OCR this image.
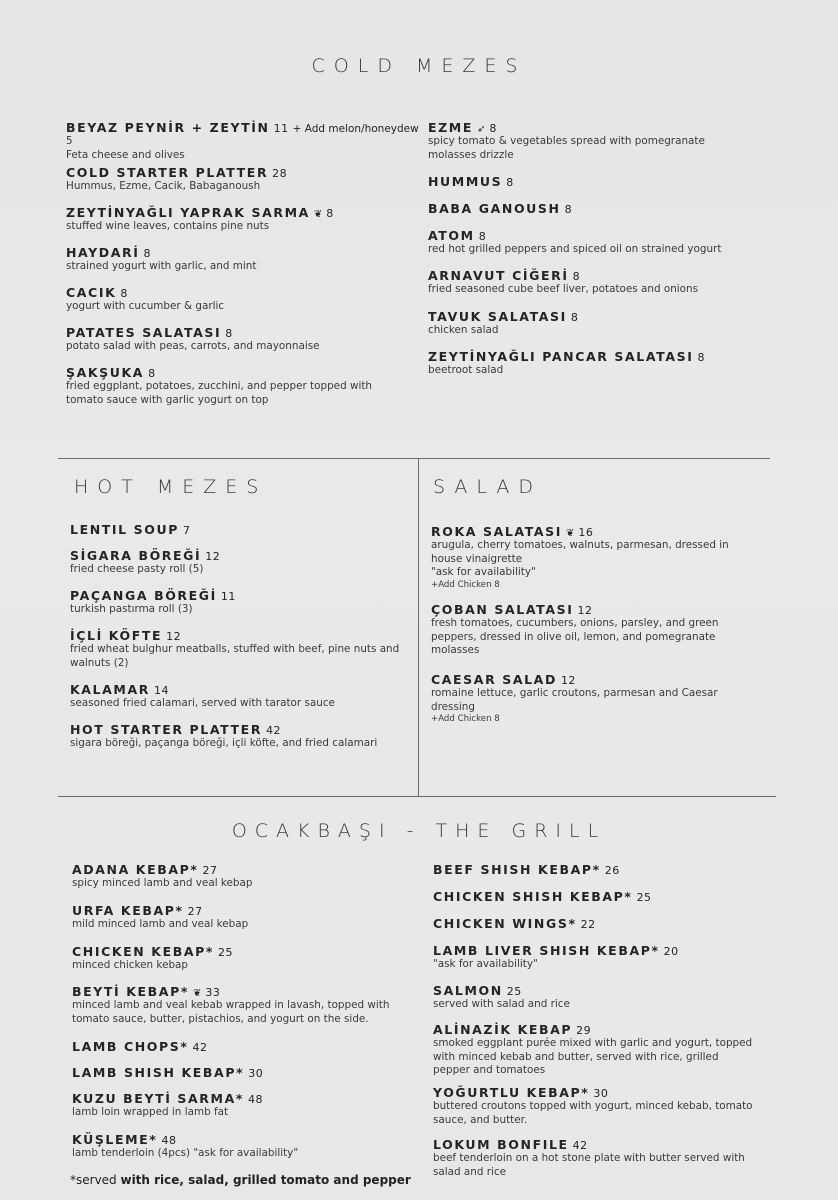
COLD MEZES
BEYAZ PEYNİR + ZEYTİN 11 + Add melon/honeydew
5
Feta cheese and olives
COLD STARTER PLATTER 28
Hummus, Ezme, Cacik, Babaganoush
ZEYTİNYAĞLI YAPRAK SARMA ❦ 8
stuffed wine leaves, contains pine nuts
HAYDARİ 8
strained yogurt with garlic, and mint
CACIK 8
yogurt with cucumber & garlic
PATATES SALATASI 8
potato salad with peas, carrots, and mayonnaise
ŞAKŞUKA 8
fried eggplant, potatoes, zucchini, and pepper topped with tomato sauce with garlic yogurt on top
EZME ➶ 8
spicy tomato & vegetables spread with pomegranate molasses drizzle
HUMMUS 8
BABA GANOUSH 8
ATOM 8
red hot grilled peppers and spiced oil on strained yogurt
ARNAVUT CİĞERİ 8
fried seasoned cube beef liver, potatoes and onions
TAVUK SALATASI 8
chicken salad
ZEYTİNYAĞLI PANCAR SALATASI 8
beetroot salad
HOT MEZES
LENTIL SOUP 7
SİGARA BÖREĞİ 12
fried cheese pasty roll (5)
PAÇANGA BÖREĞİ 11
turkish pastırma roll (3)
İÇLİ KÖFTE 12
fried wheat bulghur meatballs, stuffed with beef, pine nuts and walnuts (2)
KALAMAR 14
seasoned fried calamari, served with tarator sauce
HOT STARTER PLATTER 42
sigara böreği, paçanga böreği, içli köfte, and fried calamari
SALAD
ROKA SALATASI ❦ 16
arugula, cherry tomatoes, walnuts, parmesan, dressed in house vinaigrette
"ask for availability"
+Add Chicken 8
ÇOBAN SALATASI 12
fresh tomatoes, cucumbers, onions, parsley, and green peppers, dressed in olive oil, lemon, and pomegranate molasses
CAESAR SALAD 12
romaine lettuce, garlic croutons, parmesan and Caesar dressing
+Add Chicken 8
OCAKBAŞI - THE GRILL
ADANA KEBAP* 27
spicy minced lamb and veal kebap
URFA KEBAP* 27
mild minced lamb and veal kebap
CHICKEN KEBAP* 25
minced chicken kebap
BEYTİ KEBAP* ❦ 33
minced lamb and veal kebab wrapped in lavash, topped with tomato sauce, butter, pistachios, and yogurt on the side.
LAMB CHOPS* 42
LAMB SHISH KEBAP* 30
KUZU BEYTİ SARMA* 48
lamb loin wrapped in lamb fat
KÜŞLEME* 48
lamb tenderloin (4pcs) "ask for availability"
*served with rice, salad, grilled tomato and pepper
BEEF SHISH KEBAP* 26
CHICKEN SHISH KEBAP* 25
CHICKEN WINGS* 22
LAMB LIVER SHISH KEBAP* 20
"ask for availability"
SALMON 25
served with salad and rice
ALİNAZİK KEBAP 29
smoked eggplant purée mixed with garlic and yogurt, topped with minced kebab and butter, served with rice, grilled pepper and tomatoes
YOĞURTLU KEBAP* 30
buttered croutons topped with yogurt, minced kebab, tomato sauce, and butter.
LOKUM BONFILE 42
beef tenderloin on a hot stone plate with butter served with salad and rice
